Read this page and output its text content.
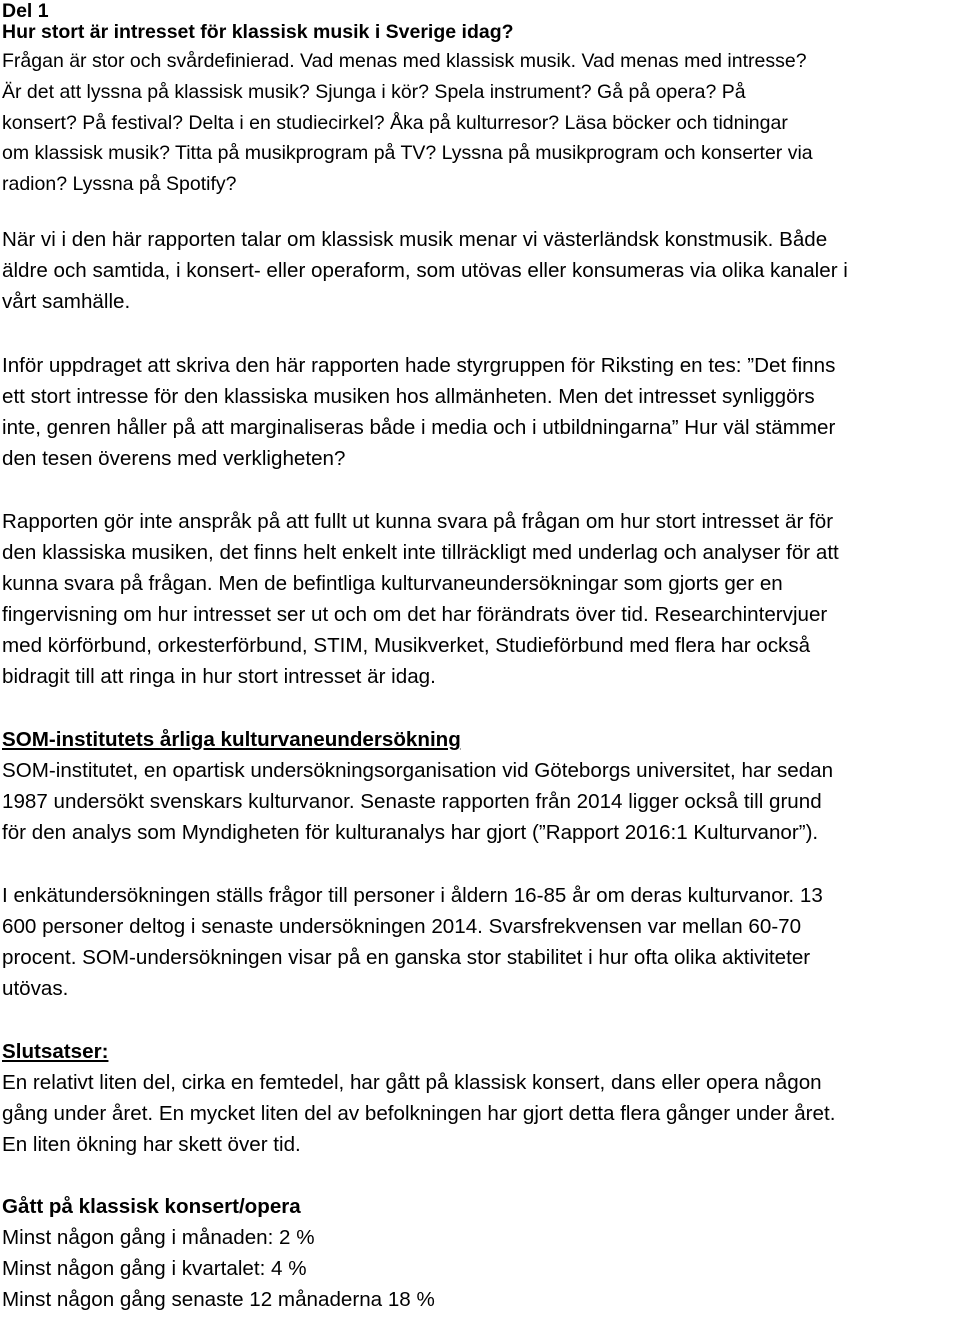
Del 1
Hur stort är intresset för klassisk musik i Sverige idag?
Frågan är stor och svårdefinierad. Vad menas med klassisk musik. Vad menas med intresse?
Är det att lyssna på klassisk musik? Sjunga i kör? Spela instrument? Gå på opera? På
konsert? På festival? Delta i en studiecirkel? Åka på kulturresor? Läsa böcker och tidningar
om klassisk musik? Titta på musikprogram på TV? Lyssna på musikprogram och konserter via
radion? Lyssna på Spotify?
När vi i den här rapporten talar om klassisk musik menar vi västerländsk konstmusik. Både
äldre och samtida, i konsert- eller operaform, som utövas eller konsumeras via olika kanaler i
vårt samhälle.
Inför uppdraget att skriva den här rapporten hade styrgruppen för Riksting en tes: ”Det finns
ett stort intresse för den klassiska musiken hos allmänheten. Men det intresset synliggörs
inte, genren håller på att marginaliseras både i media och i utbildningarna” Hur väl stämmer
den tesen överens med verkligheten?
Rapporten gör inte anspråk på att fullt ut kunna svara på frågan om hur stort intresset är för
den klassiska musiken, det finns helt enkelt inte tillräckligt med underlag och analyser för att
kunna svara på frågan. Men de befintliga kulturvaneundersökningar som gjorts ger en
fingervisning om hur intresset ser ut och om det har förändrats över tid. Researchintervjuer
med körförbund, orkesterförbund, STIM, Musikverket, Studieförbund med flera har också
bidragit till att ringa in hur stort intresset är idag.
SOM-institutets årliga kulturvaneundersökning
SOM-institutet, en opartisk undersökningsorganisation vid Göteborgs universitet, har sedan
1987 undersökt svenskars kulturvanor. Senaste rapporten från 2014 ligger också till grund
för den analys som Myndigheten för kulturanalys har gjort (”Rapport 2016:1 Kulturvanor”).
I enkätundersökningen ställs frågor till personer i åldern 16-85 år om deras kulturvanor. 13
600 personer deltog i senaste undersökningen 2014. Svarsfrekvensen var mellan 60-70
procent. SOM-undersökningen visar på en ganska stor stabilitet i hur ofta olika aktiviteter
utövas.
Slutsatser:
En relativt liten del, cirka en femtedel, har gått på klassisk konsert, dans eller opera någon
gång under året. En mycket liten del av befolkningen har gjort detta flera gånger under året.
En liten ökning har skett över tid.
Gått på klassisk konsert/opera
Minst någon gång i månaden: 2 %
Minst någon gång i kvartalet: 4 %
Minst någon gång senaste 12 månaderna 18 %
